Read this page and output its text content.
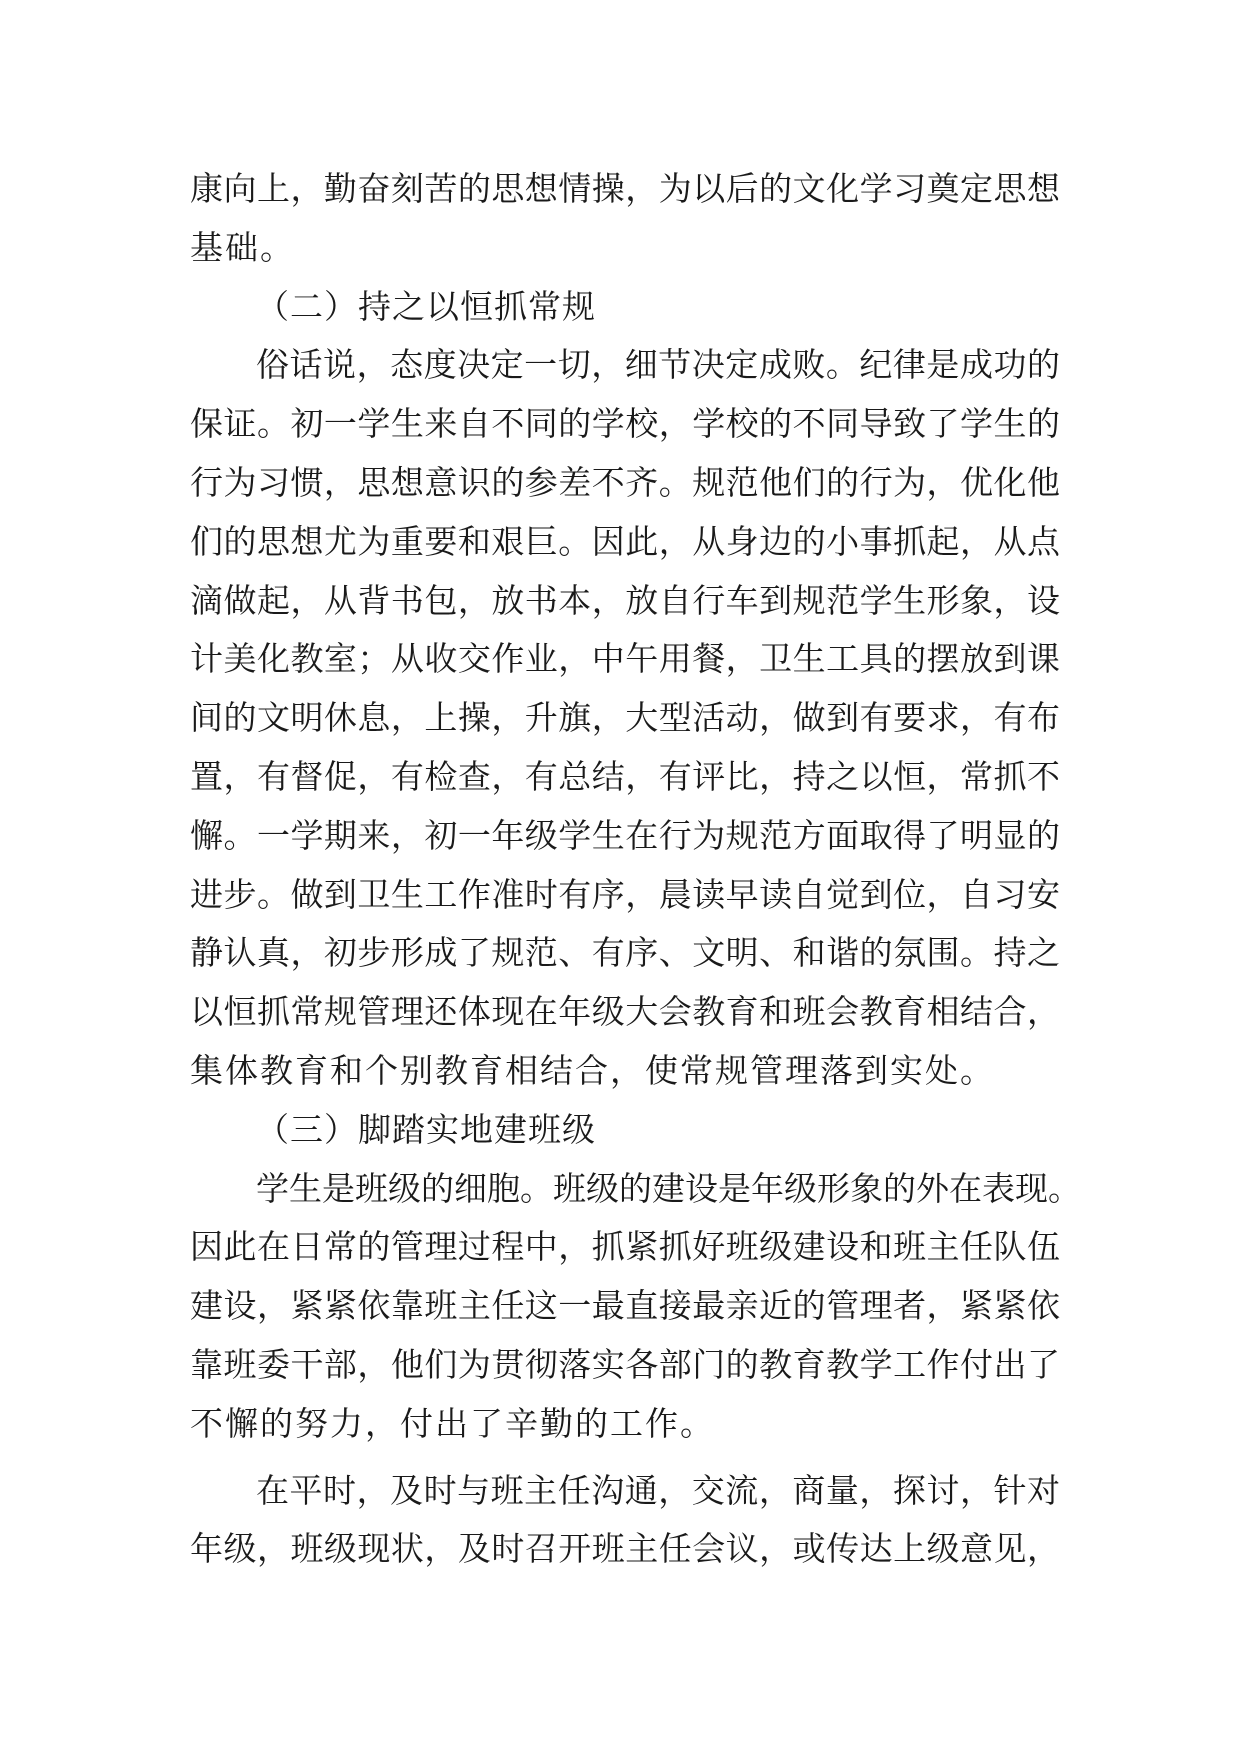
康向上，勤奋刻苦的思想情操，为以后的文化学习奠定思想
基础。
（二）持之以恒抓常规
俗话说，态度决定一切，细节决定成败。纪律是成功的
保证。初一学生来自不同的学校，学校的不同导致了学生的
行为习惯，思想意识的参差不齐。规范他们的行为，优化他
们的思想尤为重要和艰巨。因此，从身边的小事抓起，从点
滴做起，从背书包，放书本，放自行车到规范学生形象，设
计美化教室；从收交作业，中午用餐，卫生工具的摆放到课
间的文明休息，上操，升旗，大型活动，做到有要求，有布
置，有督促，有检查，有总结，有评比，持之以恒，常抓不
懈。一学期来，初一年级学生在行为规范方面取得了明显的
进步。做到卫生工作准时有序，晨读早读自觉到位，自习安
静认真，初步形成了规范、有序、文明、和谐的氛围。持之
以恒抓常规管理还体现在年级大会教育和班会教育相结合，
集体教育和个别教育相结合，使常规管理落到实处。
（三）脚踏实地建班级
学生是班级的细胞。班级的建设是年级形象的外在表现。
因此在日常的管理过程中，抓紧抓好班级建设和班主任队伍
建设，紧紧依靠班主任这一最直接最亲近的管理者，紧紧依
靠班委干部，他们为贯彻落实各部门的教育教学工作付出了
不懈的努力，付出了辛勤的工作。
在平时，及时与班主任沟通，交流，商量，探讨，针对
年级，班级现状，及时召开班主任会议，或传达上级意见，
